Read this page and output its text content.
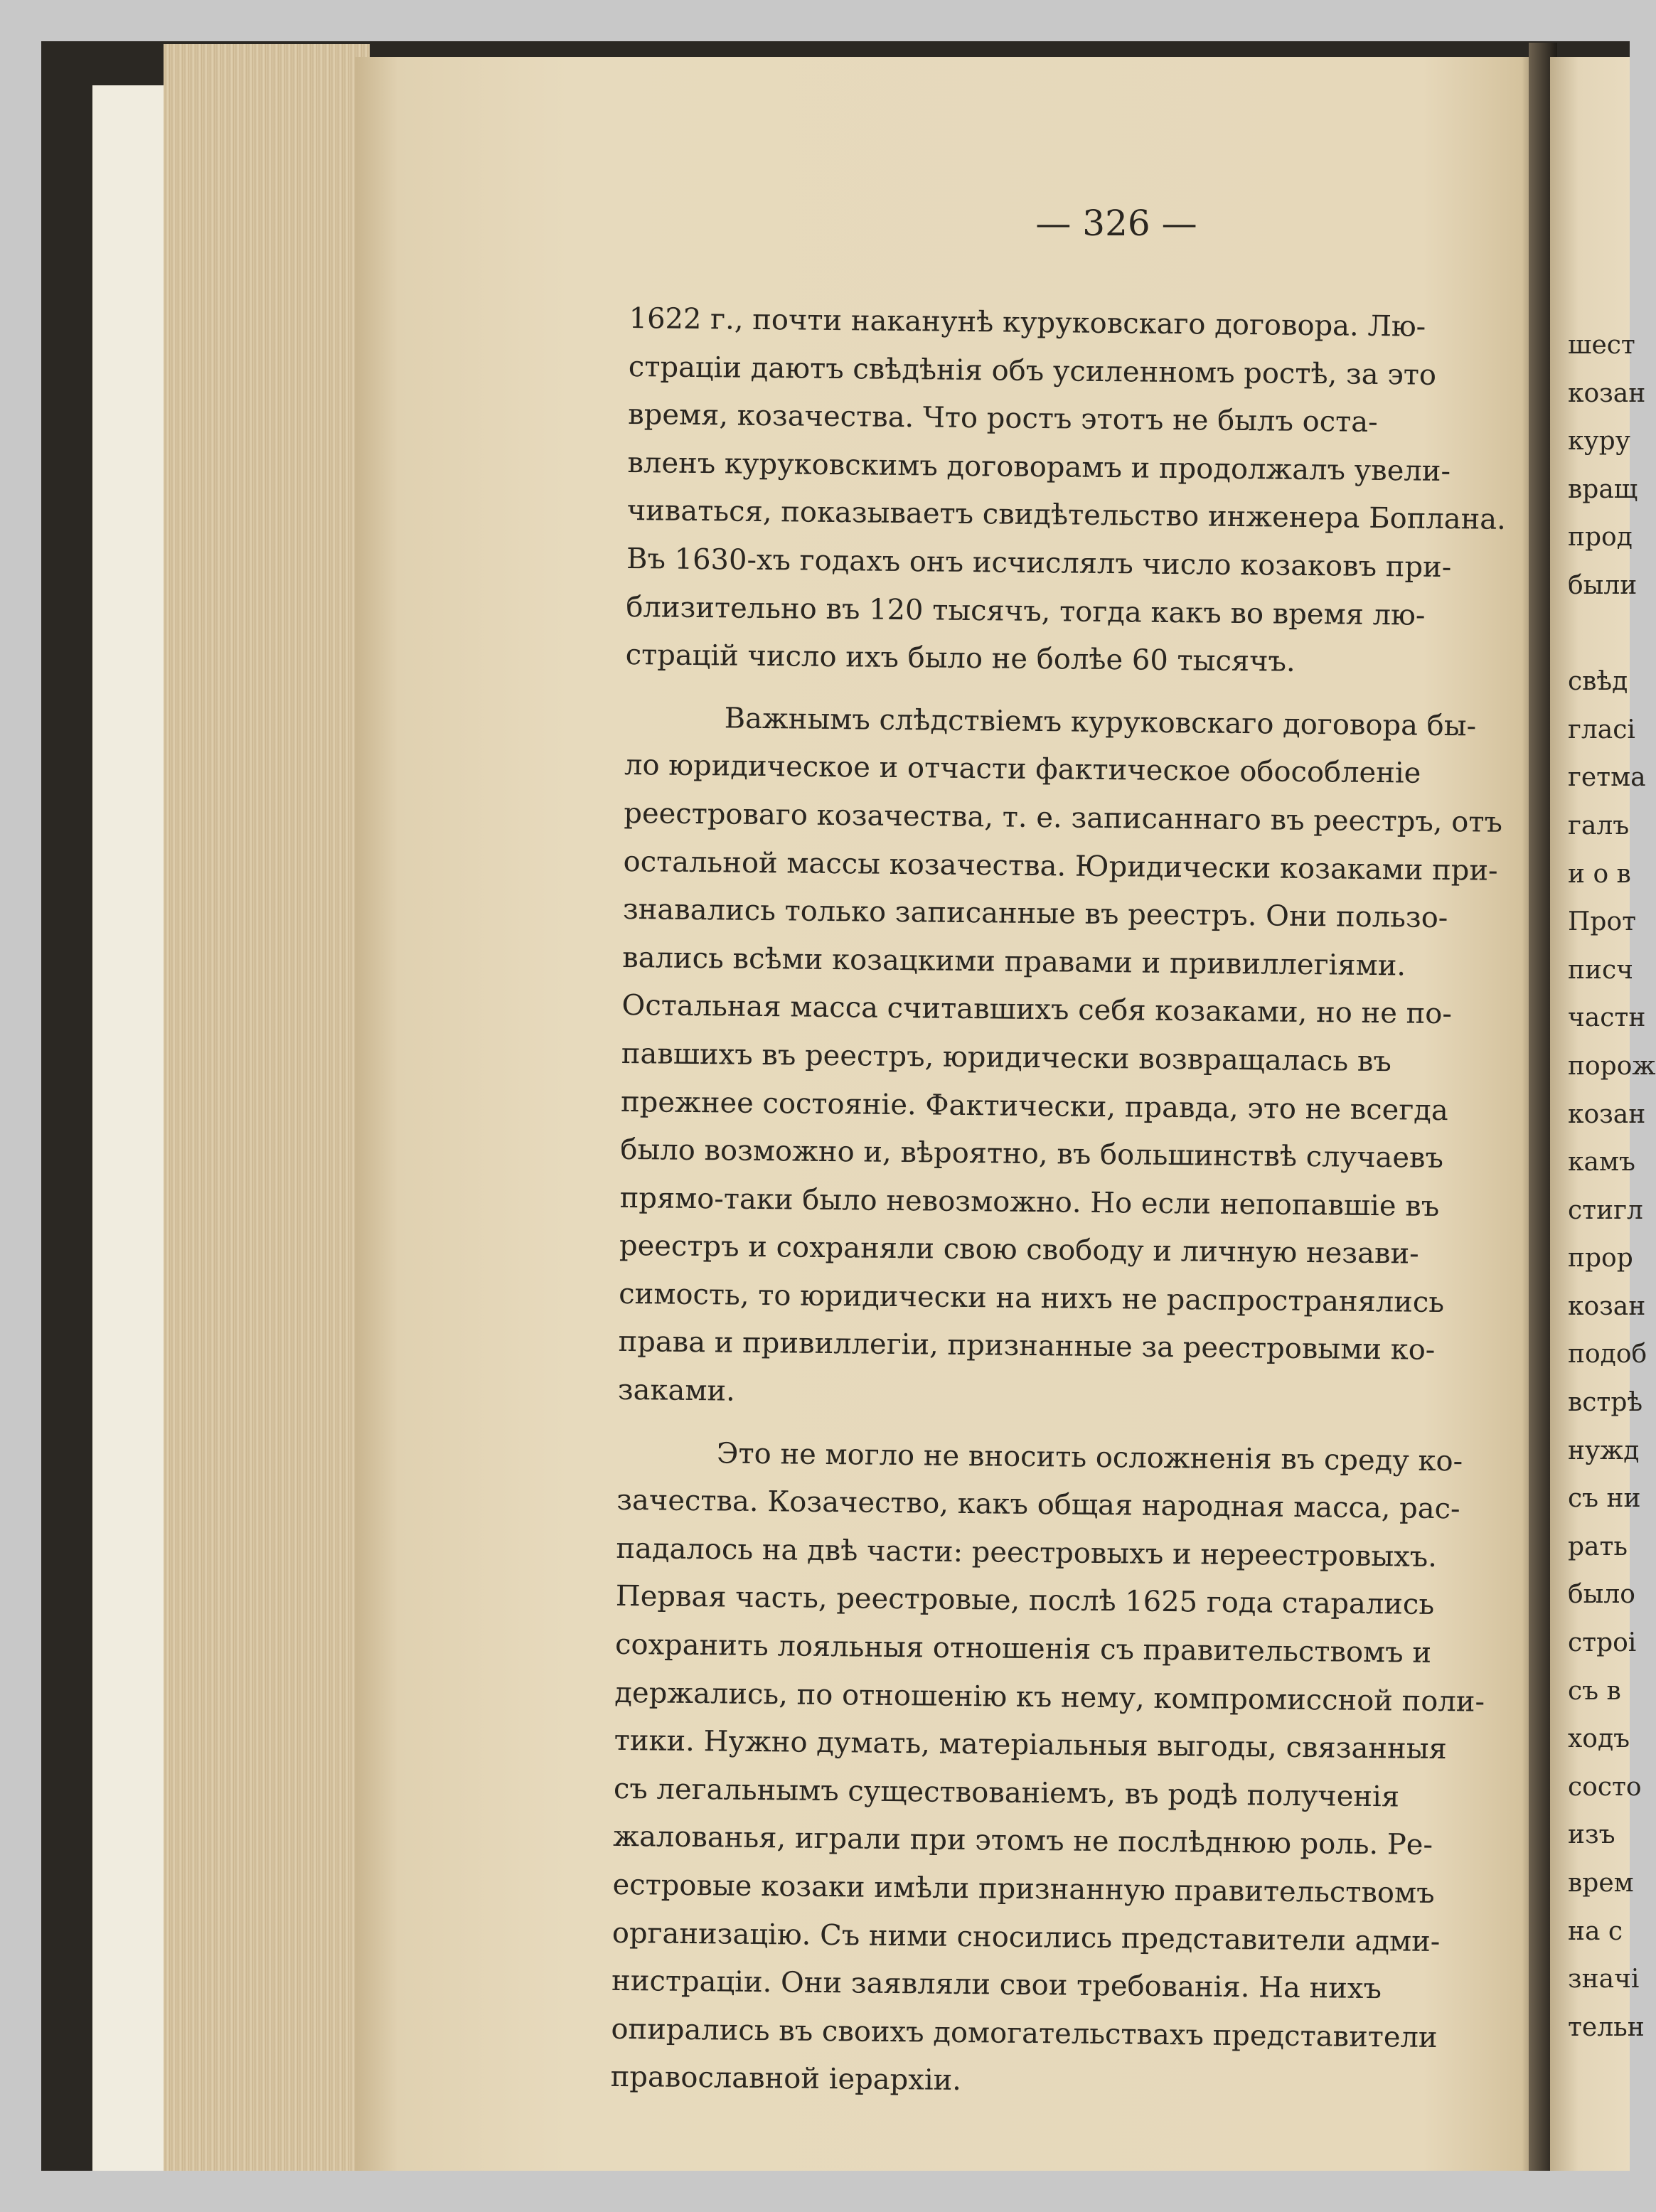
— 326 —
1622 г., почти наканунѣ куруковскаго договора. Лю-
страціи даютъ свѣдѣнія объ усиленномъ ростѣ, за это
время, козачества. Что ростъ этотъ не былъ оста-
вленъ куруковскимъ договорамъ и продолжалъ увели-
чиваться, показываетъ свидѣтельство инженера Боплана.
Въ 1630-хъ годахъ онъ исчислялъ число козаковъ при-
близительно въ 120 тысячъ, тогда какъ во время лю-
страцій число ихъ было не болѣе 60 тысячъ.
Важнымъ слѣдствіемъ куруковскаго договора бы-
ло юридическое и отчасти фактическое обособленіе
реестроваго козачества, т. е. записаннаго въ реестръ, отъ
остальной массы козачества. Юридически козаками при-
знавались только записанные въ реестръ. Они пользо-
вались всѣми козацкими правами и привиллегіями.
Остальная масса считавшихъ себя козаками, но не по-
павшихъ въ реестръ, юридически возвращалась въ
прежнее состояніе. Фактически, правда, это не всегда
было возможно и, вѣроятно, въ большинствѣ случаевъ
прямо-таки было невозможно. Но если непопавшіе въ
реестръ и сохраняли свою свободу и личную незави-
симость, то юридически на нихъ не распространялись
права и привиллегіи, признанные за реестровыми ко-
заками.
Это не могло не вносить осложненія въ среду ко-
зачества. Козачество, какъ общая народная масса, рас-
падалось на двѣ части: реестровыхъ и нереестровыхъ.
Первая часть, реестровые, послѣ 1625 года старались
сохранить лояльныя отношенія съ правительствомъ и
держались, по отношенію къ нему, компромиссной поли-
тики. Нужно думать, матеріальныя выгоды, связанныя
съ легальнымъ существованіемъ, въ родѣ полученія
жалованья, играли при этомъ не послѣднюю роль. Ре-
естровые козаки имѣли признанную правительствомъ
организацію. Съ ними сносились представители адми-
нистраціи. Они заявляли свои требованія. На нихъ
опирались въ своихъ домогательствахъ представители
православной іерархіи.
шест
козан
куру
вращ
прод
были
свѣд
гласі
гетма
галъ
и о в
Прот
писч
частн
порож
козан
камъ
стигл
прор
козан
подоб
встрѣ
нужд
съ ни
рать
было
строі
съ в
ходъ
состо
изъ
врем
на с
значі
тельн
